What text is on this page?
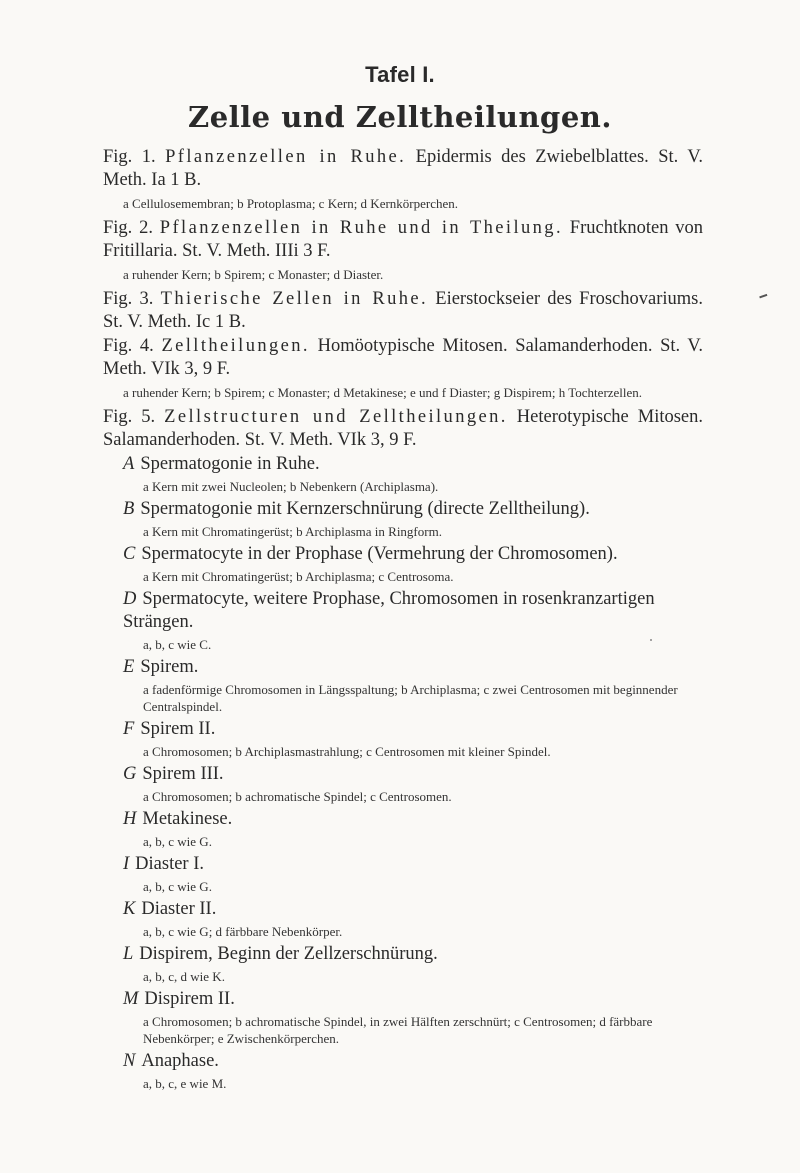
Tafel I.
Zelle und Zelltheilungen.
Fig. 1. Pflanzenzellen in Ruhe. Epidermis des Zwiebelblattes. St. V. Meth. Ia 1 B.
a Cellulosemembran; b Protoplasma; c Kern; d Kernkörperchen.
Fig. 2. Pflanzenzellen in Ruhe und in Theilung. Fruchtknoten von Fritillaria. St. V. Meth. IIIi 3 F.
a ruhender Kern; b Spirem; c Monaster; d Diaster.
Fig. 3. Thierische Zellen in Ruhe. Eierstockseier des Froschovariums. St. V. Meth. Ic 1 B.
Fig. 4. Zelltheilungen. Homöotypische Mitosen. Salamanderhoden. St. V. Meth. VIk 3, 9 F.
a ruhender Kern; b Spirem; c Monaster; d Metakinese; e und f Diaster; g Dispirem; h Tochterzellen.
Fig. 5. Zellstructuren und Zelltheilungen. Heterotypische Mitosen. Salamanderhoden. St. V. Meth. VIk 3, 9 F.
A Spermatogonie in Ruhe.
a Kern mit zwei Nucleolen; b Nebenkern (Archiplasma).
B Spermatogonie mit Kernzerschnürung (directe Zelltheilung).
a Kern mit Chromatingerüst; b Archiplasma in Ringform.
C Spermatocyte in der Prophase (Vermehrung der Chromosomen).
a Kern mit Chromatingerüst; b Archiplasma; c Centrosoma.
D Spermatocyte, weitere Prophase, Chromosomen in rosenkranzartigen Strängen.
a, b, c wie C.
E Spirem.
a fadenförmige Chromosomen in Längsspaltung; b Archiplasma; c zwei Centrosomen mit beginnender Centralspindel.
F Spirem II.
a Chromosomen; b Archiplasmastrahlung; c Centrosomen mit kleiner Spindel.
G Spirem III.
a Chromosomen; b achromatische Spindel; c Centrosomen.
H Metakinese.
a, b, c wie G.
I Diaster I.
a, b, c wie G.
K Diaster II.
a, b, c wie G; d färbbare Nebenkörper.
L Dispirem, Beginn der Zellzerschnürung.
a, b, c, d wie K.
M Dispirem II.
a Chromosomen; b achromatische Spindel, in zwei Hälften zerschnürt; c Centrosomen; d färbbare Nebenkörper; e Zwischenkörperchen.
N Anaphase.
a, b, c, e wie M.
